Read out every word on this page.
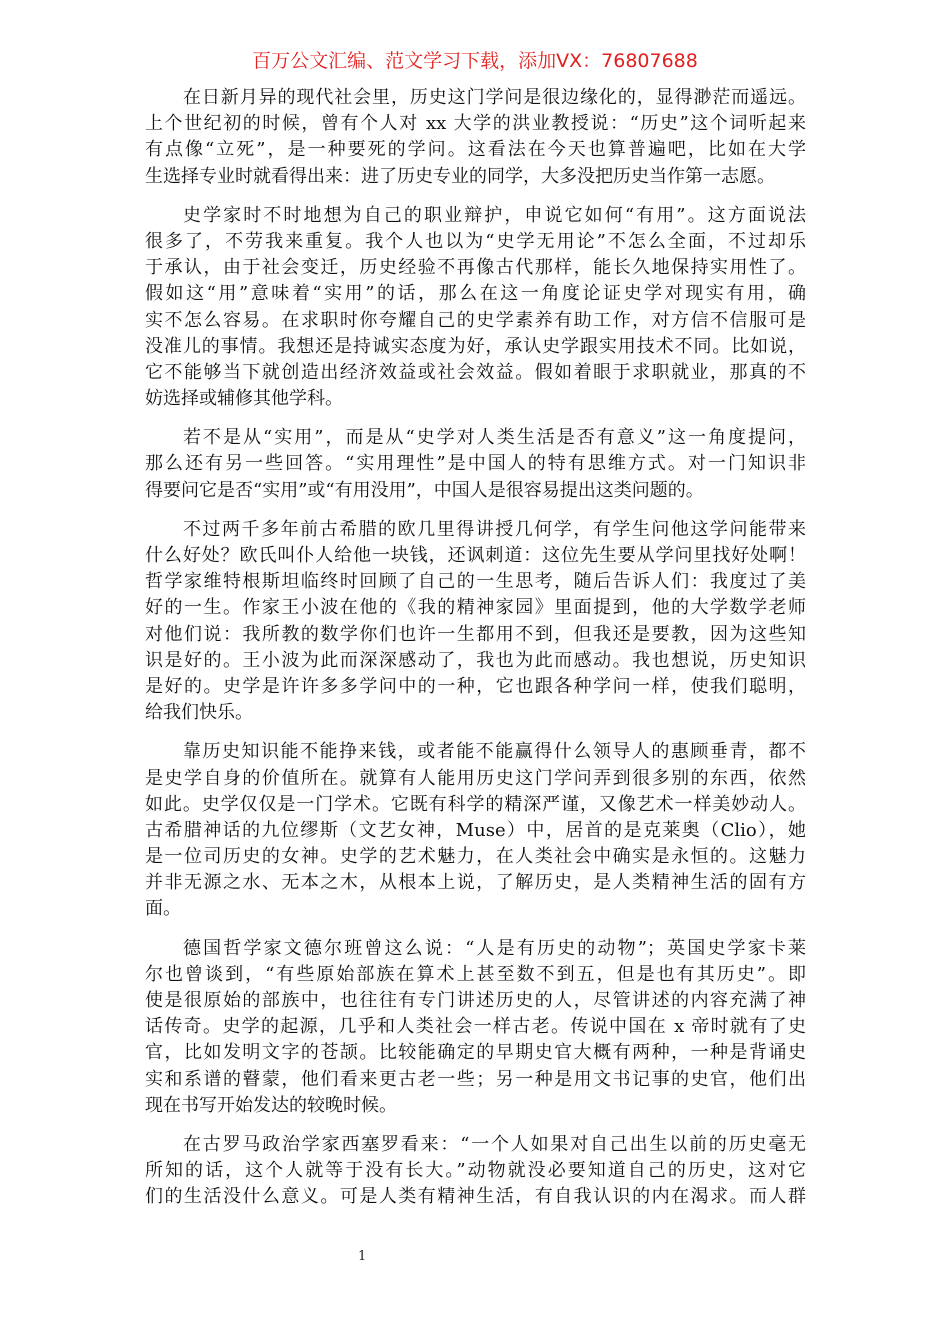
百万公文汇编、范文学习下载，添加VX：76807688
在日新月异的现代社会里，历史这门学问是很边缘化的，显得渺茫而遥远。
上个世纪初的时候，曾有个人对 xx 大学的洪业教授说：“历史”这个词听起来
有点像“立死”，是一种要死的学问。这看法在今天也算普遍吧，比如在大学
生选择专业时就看得出来：进了历史专业的同学，大多没把历史当作第一志愿。
史学家时不时地想为自己的职业辩护，申说它如何“有用”。这方面说法
很多了，不劳我来重复。我个人也以为“史学无用论”不怎么全面，不过却乐
于承认，由于社会变迁，历史经验不再像古代那样，能长久地保持实用性了。
假如这“用”意味着“实用”的话，那么在这一角度论证史学对现实有用，确
实不怎么容易。在求职时你夸耀自己的史学素养有助工作，对方信不信服可是
没准儿的事情。我想还是持诚实态度为好，承认史学跟实用技术不同。比如说，
它不能够当下就创造出经济效益或社会效益。假如着眼于求职就业，那真的不
妨选择或辅修其他学科。
若不是从“实用”，而是从“史学对人类生活是否有意义”这一角度提问，
那么还有另一些回答。“实用理性”是中国人的特有思维方式。对一门知识非
得要问它是否“实用”或“有用没用”，中国人是很容易提出这类问题的。
不过两千多年前古希腊的欧几里得讲授几何学，有学生问他这学问能带来
什么好处？欧氏叫仆人给他一块钱，还讽刺道：这位先生要从学问里找好处啊！
哲学家维特根斯坦临终时回顾了自己的一生思考，随后告诉人们：我度过了美
好的一生。作家王小波在他的《我的精神家园》里面提到，他的大学数学老师
对他们说：我所教的数学你们也许一生都用不到，但我还是要教，因为这些知
识是好的。王小波为此而深深感动了，我也为此而感动。我也想说，历史知识
是好的。史学是许许多多学问中的一种，它也跟各种学问一样，使我们聪明，
给我们快乐。
靠历史知识能不能挣来钱，或者能不能赢得什么领导人的惠顾垂青，都不
是史学自身的价值所在。就算有人能用历史这门学问弄到很多别的东西，依然
如此。史学仅仅是一门学术。它既有科学的精深严谨，又像艺术一样美妙动人。
古希腊神话的九位缪斯（文艺女神，Muse）中，居首的是克莱奥（Clio），她
是一位司历史的女神。史学的艺术魅力，在人类社会中确实是永恒的。这魅力
并非无源之水、无本之木，从根本上说，了解历史，是人类精神生活的固有方
面。
德国哲学家文德尔班曾这么说：“人是有历史的动物”；英国史学家卡莱
尔也曾谈到，“有些原始部族在算术上甚至数不到五，但是也有其历史”。即
使是很原始的部族中，也往往有专门讲述历史的人，尽管讲述的内容充满了神
话传奇。史学的起源，几乎和人类社会一样古老。传说中国在 x 帝时就有了史
官，比如发明文字的苍颉。比较能确定的早期史官大概有两种，一种是背诵史
实和系谱的瞽蒙，他们看来更古老一些；另一种是用文书记事的史官，他们出
现在书写开始发达的较晚时候。
在古罗马政治学家西塞罗看来：“一个人如果对自己出生以前的历史毫无
所知的话，这个人就等于没有长大。”动物就没必要知道自己的历史，这对它
们的生活没什么意义。可是人类有精神生活，有自我认识的内在渴求。而人群
1
